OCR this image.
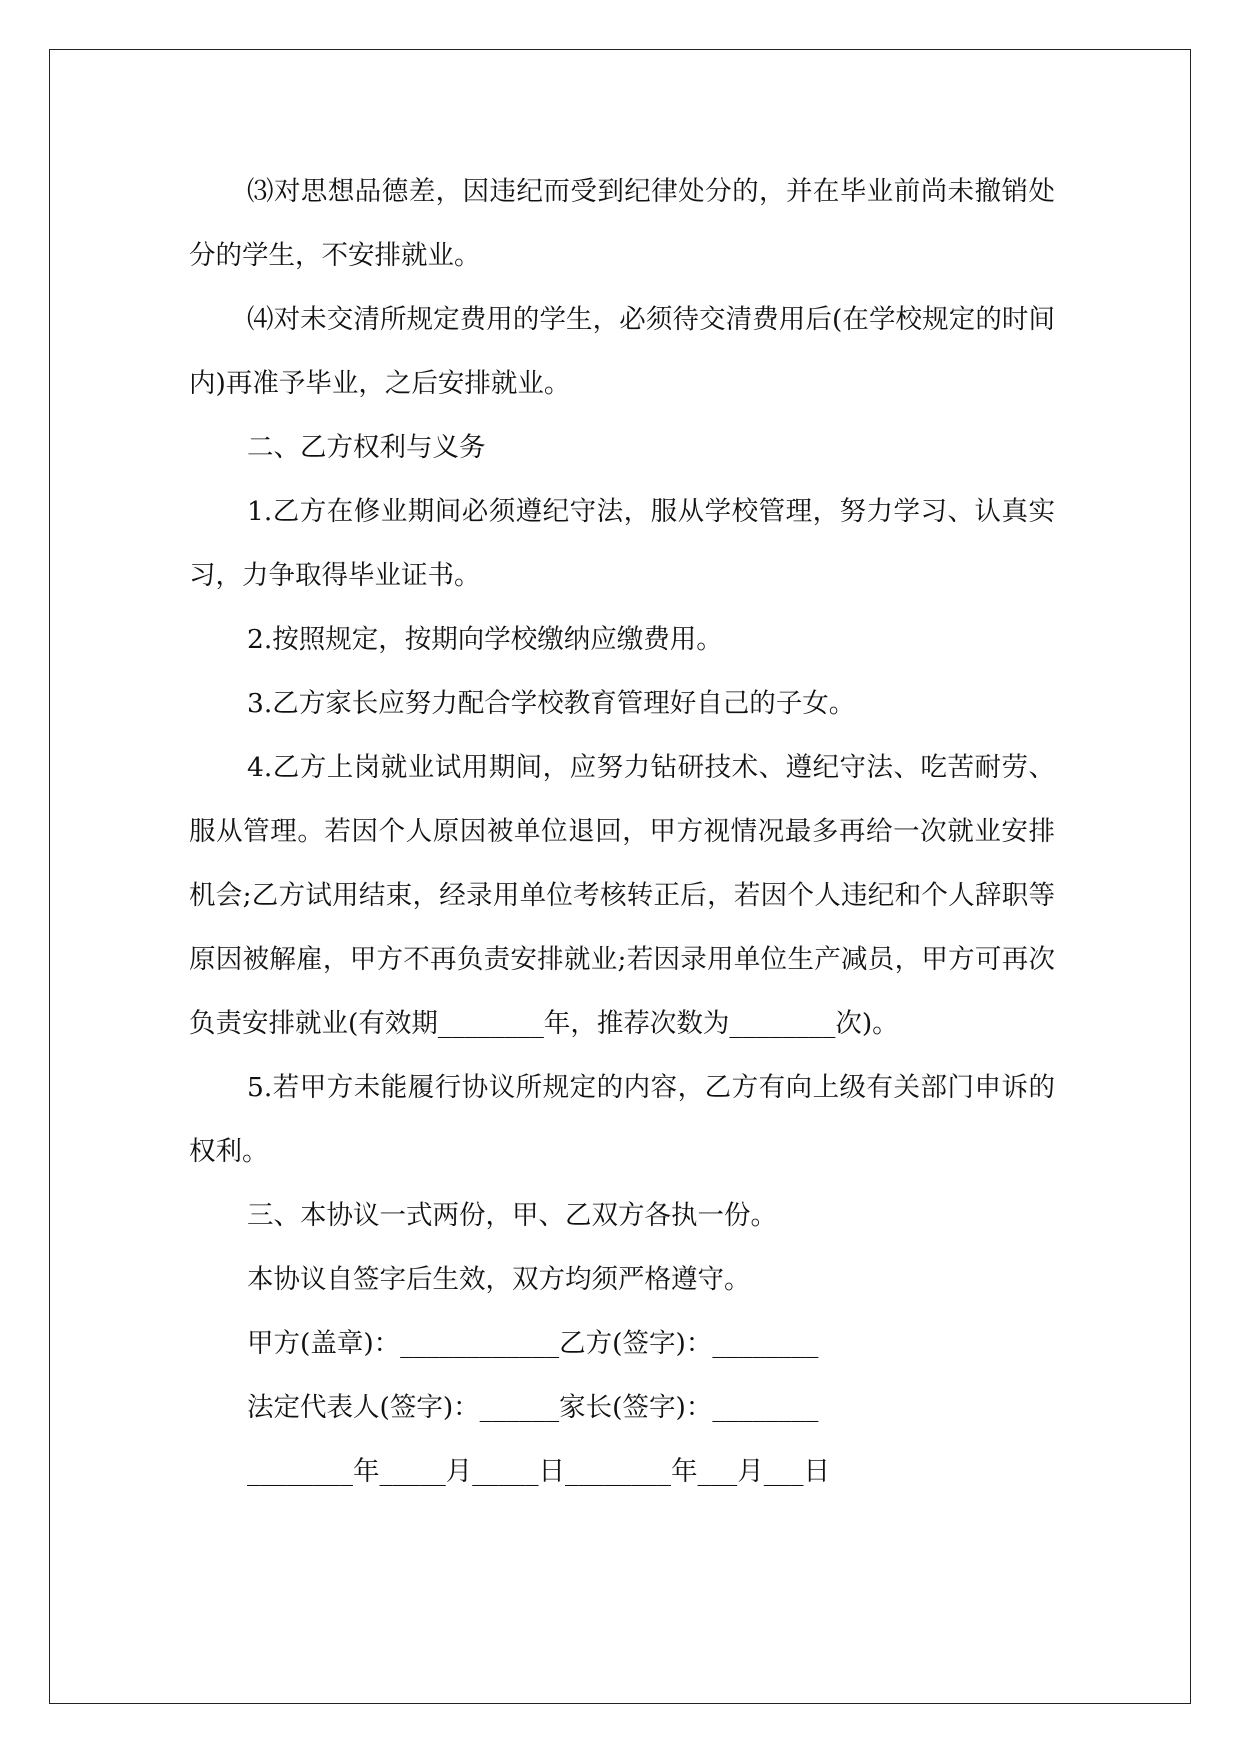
⑶对思想品德差，因违纪而受到纪律处分的，并在毕业前尚未撤销处分的学生，不安排就业。

⑷对未交清所规定费用的学生，必须待交清费用后(在学校规定的时间内)再准予毕业，之后安排就业。

二、乙方权利与义务

1.乙方在修业期间必须遵纪守法，服从学校管理，努力学习、认真实习，力争取得毕业证书。

2.按照规定，按期向学校缴纳应缴费用。

3.乙方家长应努力配合学校教育管理好自己的子女。

4.乙方上岗就业试用期间，应努力钻研技术、遵纪守法、吃苦耐劳、服从管理。若因个人原因被单位退回，甲方视情况最多再给一次就业安排机会;乙方试用结束，经录用单位考核转正后，若因个人违纪和个人辞职等原因被解雇，甲方不再负责安排就业;若因录用单位生产减员，甲方可再次负责安排就业(有效期________年，推荐次数为________次)。

5.若甲方未能履行协议所规定的内容，乙方有向上级有关部门申诉的权利。

三、本协议一式两份，甲、乙双方各执一份。

本协议自签字后生效，双方均须严格遵守。

甲方(盖章)：____________乙方(签字)：________

法定代表人(签字)：______家长(签字)：________

________年_____月_____日________年___月___日
